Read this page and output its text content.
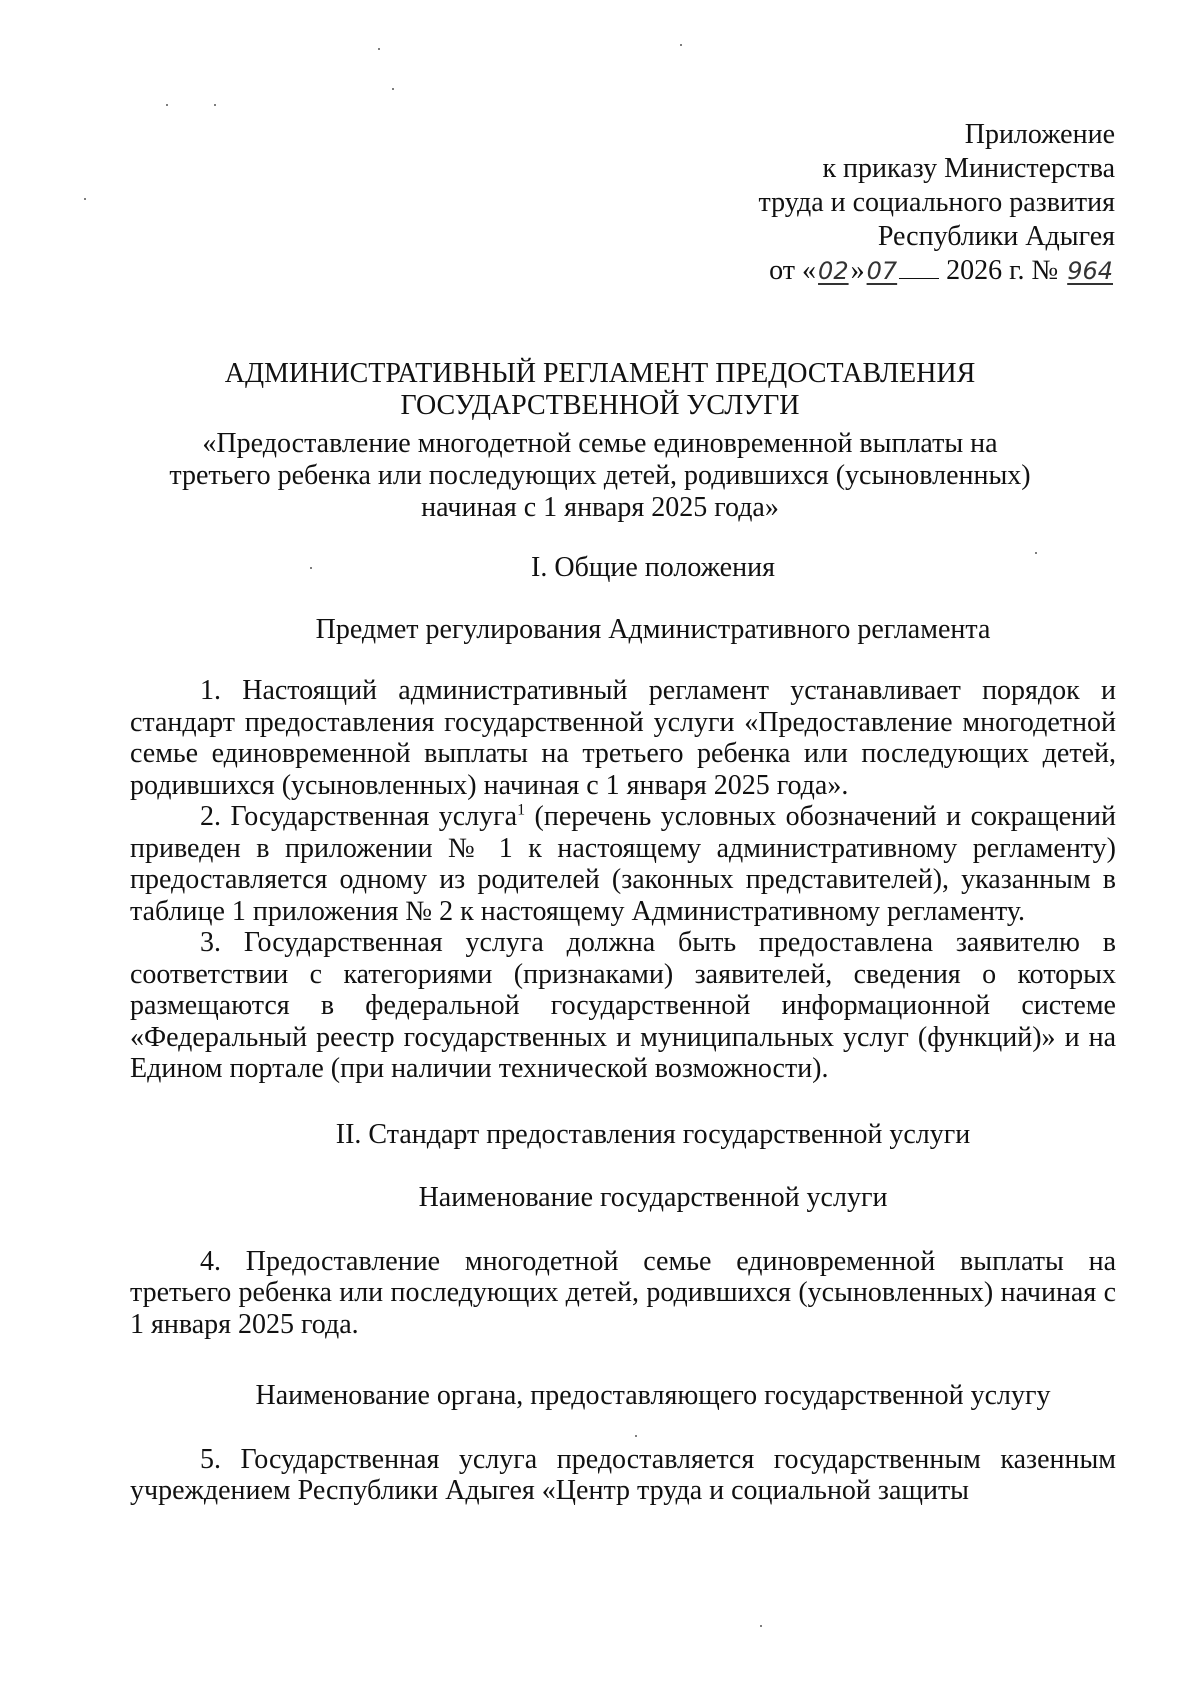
Приложение
к приказу Министерства
труда и социального развития
Республики Адыгея
от «02»07 2026 г. № 964
АДМИНИСТРАТИВНЫЙ РЕГЛАМЕНТ ПРЕДОСТАВЛЕНИЯ
ГОСУДАРСТВЕННОЙ УСЛУГИ
«Предоставление многодетной семье единовременной выплаты на
третьего ребенка или последующих детей, родившихся (усыновленных)
начиная с 1 января 2025 года»

I. Общие положения

Предмет регулирования Административного регламента

1. Настоящий административный регламент устанавливает порядок и стандарт предоставления государственной услуги «Предоставление многодетной семье единовременной выплаты на третьего ребенка или последующих детей, родившихся (усыновленных) начиная с 1 января 2025 года».

2. Государственная услуга$^1$ (перечень условных обозначений и сокращений приведен в приложении № 1 к настоящему административному регламенту) предоставляется одному из родителей (законных представителей), указанным в таблице 1 приложения № 2 к настоящему Административному регламенту.

3. Государственная услуга должна быть предоставлена заявителю в соответствии с категориями (признаками) заявителей, сведения о которых размещаются в федеральной государственной информационной системе «Федеральный реестр государственных и муниципальных услуг (функций)» и на Едином портале (при наличии технической возможности).

II. Стандарт предоставления государственной услуги

Наименование государственной услуги

4. Предоставление многодетной семье единовременной выплаты на третьего ребенка или последующих детей, родившихся (усыновленных) начиная с 1 января 2025 года.

Наименование органа, предоставляющего государственной услугу

5. Государственная услуга предоставляется государственным казенным учреждением Республики Адыгея «Центр труда и социальной защиты
